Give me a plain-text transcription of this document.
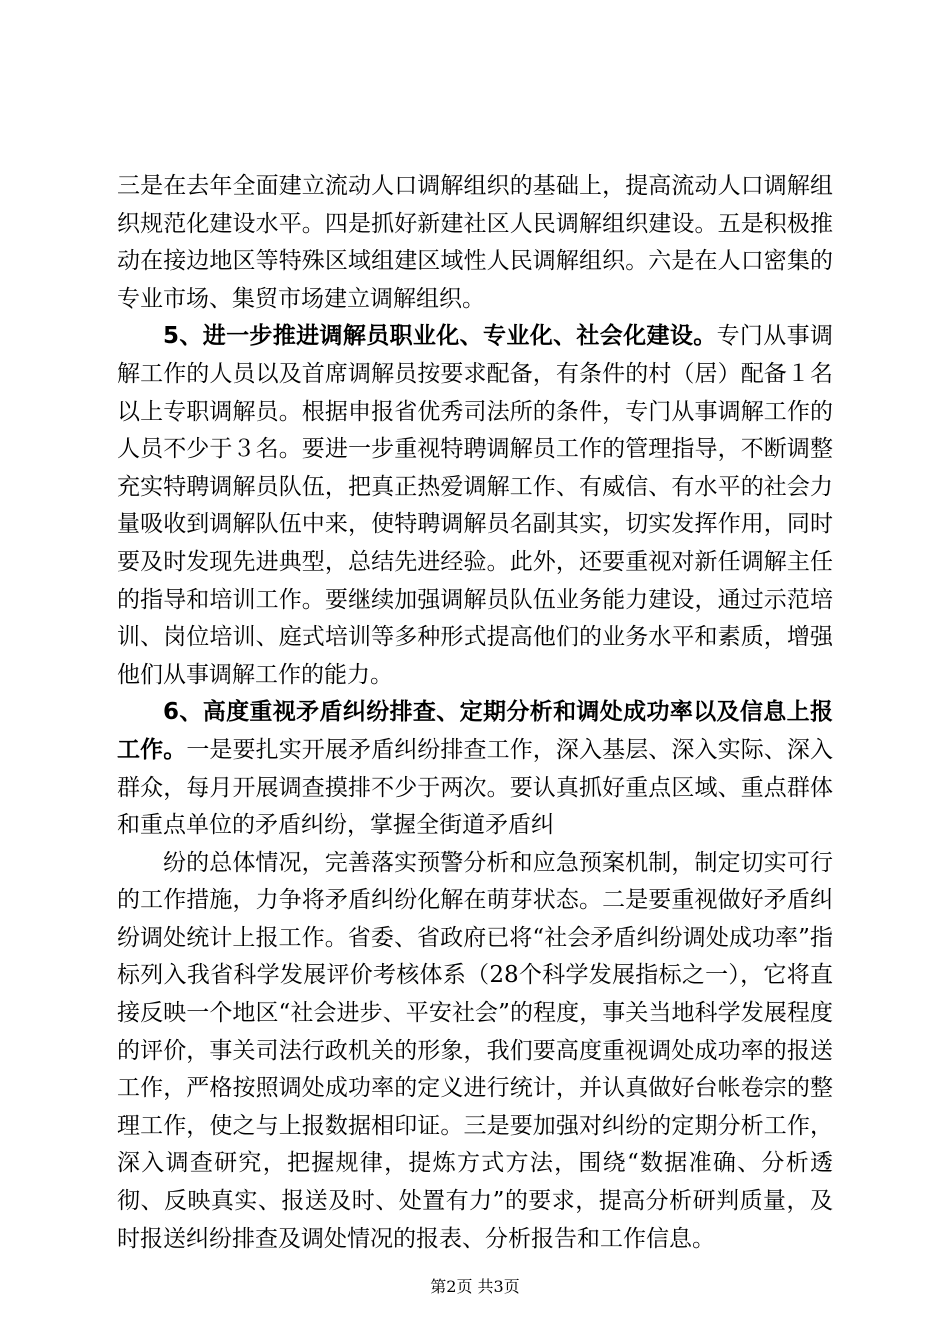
三是在去年全面建立流动人口调解组织的基础上，提高流动人口调解组织规范化建设水平。四是抓好新建社区人民调解组织建设。五是积极推动在接边地区等特殊区域组建区域性人民调解组织。六是在人口密集的专业市场、集贸市场建立调解组织。

5、进一步推进调解员职业化、专业化、社会化建设。专门从事调解工作的人员以及首席调解员按要求配备，有条件的村（居）配备１名以上专职调解员。根据申报省优秀司法所的条件，专门从事调解工作的人员不少于３名。要进一步重视特聘调解员工作的管理指导，不断调整充实特聘调解员队伍，把真正热爱调解工作、有威信、有水平的社会力量吸收到调解队伍中来，使特聘调解员名副其实，切实发挥作用，同时要及时发现先进典型，总结先进经验。此外，还要重视对新任调解主任的指导和培训工作。要继续加强调解员队伍业务能力建设，通过示范培训、岗位培训、庭式培训等多种形式提高他们的业务水平和素质，增强他们从事调解工作的能力。

6、高度重视矛盾纠纷排查、定期分析和调处成功率以及信息上报工作。一是要扎实开展矛盾纠纷排查工作，深入基层、深入实际、深入群众，每月开展调查摸排不少于两次。要认真抓好重点区域、重点群体和重点单位的矛盾纠纷，掌握全街道矛盾纠

纷的总体情况，完善落实预警分析和应急预案机制，制定切实可行的工作措施，力争将矛盾纠纷化解在萌芽状态。二是要重视做好矛盾纠纷调处统计上报工作。省委、省政府已将“社会矛盾纠纷调处成功率”指标列入我省科学发展评价考核体系（28个科学发展指标之一），它将直接反映一个地区“社会进步、平安社会”的程度，事关当地科学发展程度的评价，事关司法行政机关的形象，我们要高度重视调处成功率的报送工作，严格按照调处成功率的定义进行统计，并认真做好台帐卷宗的整理工作，使之与上报数据相印证。三是要加强对纠纷的定期分析工作，深入调查研究，把握规律，提炼方式方法，围绕“数据准确、分析透彻、反映真实、报送及时、处置有力”的要求，提高分析研判质量，及时报送纠纷排查及调处情况的报表、分析报告和工作信息。

第2页 共3页
